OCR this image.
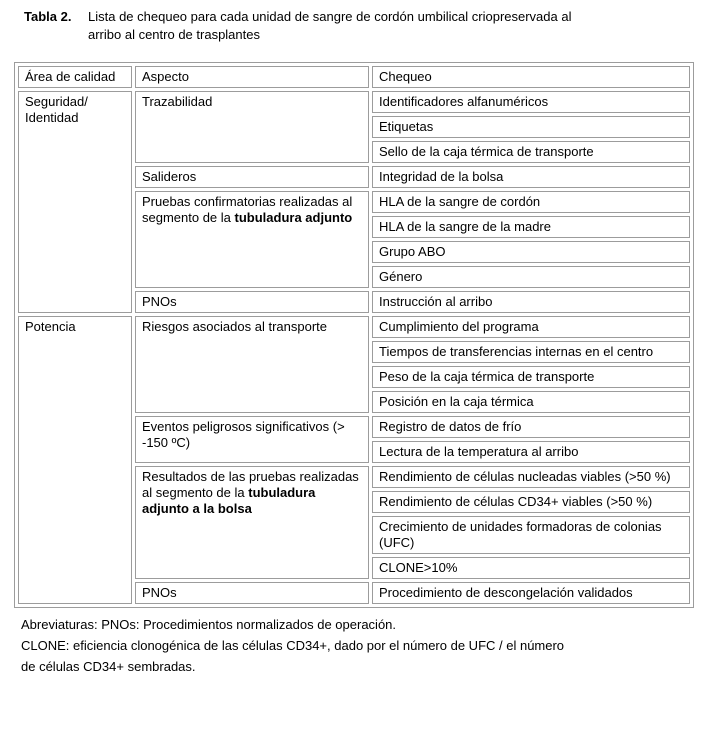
Tabla 2. Lista de chequeo para cada unidad de sangre de cordón umbilical criopreservada al
arribo al centro de trasplantes
Área de calidad	Aspecto	Chequeo
Seguridad/​Identidad	Trazabilidad	Identificadores alfanuméricos
		Etiquetas
		Sello de la caja térmica de transporte
	Salideros	Integridad de la bolsa
	Pruebas confirmatorias realizadas al segmento de la tubuladura adjunto	HLA de la sangre de cordón
		HLA de la sangre de la madre
		Grupo ABO
		Género
	PNOs	Instrucción al arribo
Potencia	Riesgos asociados al transporte	Cumplimiento del programa
		Tiempos de transferencias internas en el centro
		Peso de la caja térmica de transporte
		Posición en la caja térmica
	Eventos peligrosos significativos (> -150 ºC)	Registro de datos de frío
		Lectura de la temperatura al arribo
	Resultados de las pruebas realizadas al segmento de la tubuladura adjunto a la bolsa	Rendimiento de células nucleadas viables (>50 %)
		Rendimiento de células CD34+ viables (>50 %)
		Crecimiento de unidades formadoras de colonias (UFC)
		CLONE>10%
	PNOs	Procedimiento de descongelación validados
Abreviaturas: PNOs: Procedimientos normalizados de operación.
CLONE: eficiencia clonogénica de las células CD34+, dado por el número de UFC / el número
de células CD34+ sembradas.
